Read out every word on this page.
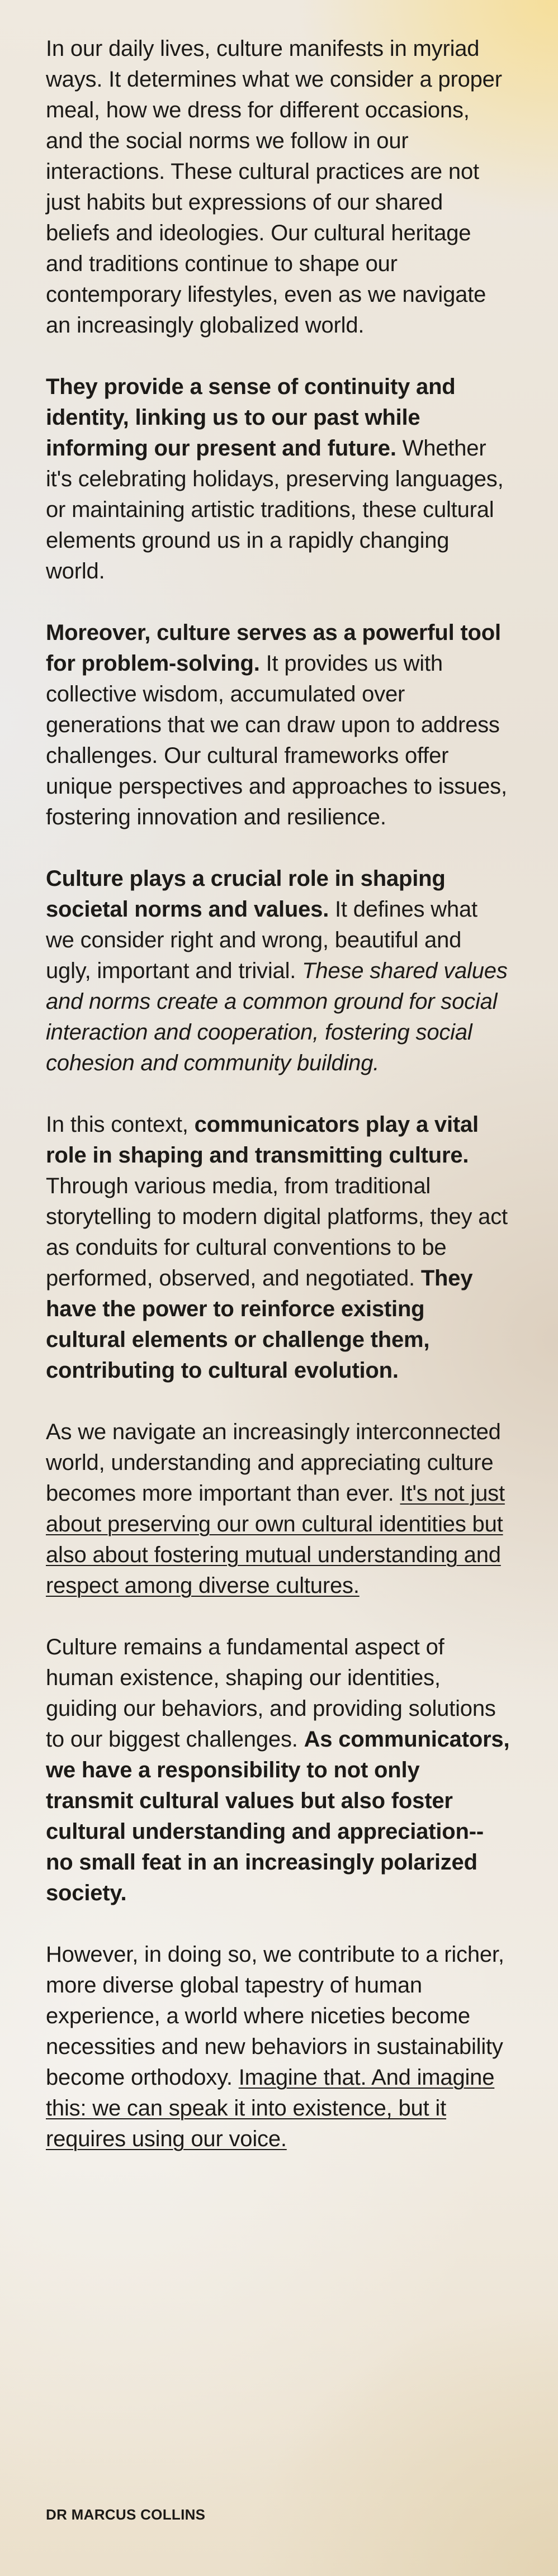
In our daily lives, culture manifests in myriad ways. It determines what we consider a proper meal, how we dress for different occasions, and the social norms we follow in our interactions. These cultural practices are not just habits but expressions of our shared beliefs and ideologies. Our cultural heritage and traditions continue to shape our contemporary lifestyles, even as we navigate an increasingly globalized world.

They provide a sense of continuity and identity, linking us to our past while informing our present and future. Whether it's celebrating holidays, preserving languages, or maintaining artistic traditions, these cultural elements ground us in a rapidly changing world.

Moreover, culture serves as a powerful tool for problem-solving. It provides us with collective wisdom, accumulated over generations that we can draw upon to address challenges. Our cultural frameworks offer unique perspectives and approaches to issues, fostering innovation and resilience.

Culture plays a crucial role in shaping societal norms and values. It defines what we consider right and wrong, beautiful and ugly, important and trivial. These shared values and norms create a common ground for social interaction and cooperation, fostering social cohesion and community building.

In this context, communicators play a vital role in shaping and transmitting culture. Through various media, from traditional storytelling to modern digital platforms, they act as conduits for cultural conventions to be performed, observed, and negotiated. They have the power to reinforce existing cultural elements or challenge them, contributing to cultural evolution.

As we navigate an increasingly interconnected world, understanding and appreciating culture becomes more important than ever. It's not just about preserving our own cultural identities but also about fostering mutual understanding and respect among diverse cultures.

Culture remains a fundamental aspect of human existence, shaping our identities, guiding our behaviors, and providing solutions to our biggest challenges. As communicators, we have a responsibility to not only transmit cultural values but also foster cultural understanding and appreciation--no small feat in an increasingly polarized society.

However, in doing so, we contribute to a richer, more diverse global tapestry of human experience, a world where niceties become necessities and new behaviors in sustainability become orthodoxy. Imagine that. And imagine this: we can speak it into existence, but it requires using our voice.

DR MARCUS COLLINS
